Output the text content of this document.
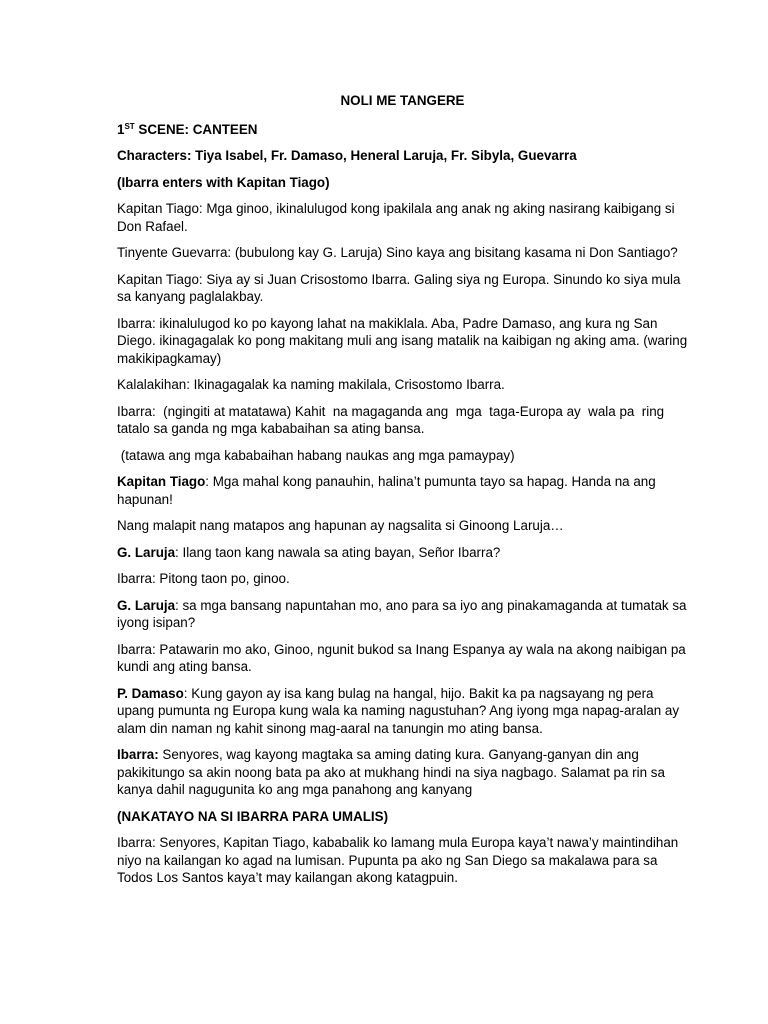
NOLI ME TANGERE

1ST SCENE: CANTEEN

Characters: Tiya Isabel, Fr. Damaso, Heneral Laruja, Fr. Sibyla, Guevarra

(Ibarra enters with Kapitan Tiago)

Kapitan Tiago: Mga ginoo, ikinalulugod kong ipakilala ang anak ng aking nasirang kaibigang si Don Rafael.

Tinyente Guevarra: (bubulong kay G. Laruja) Sino kaya ang bisitang kasama ni Don Santiago?

Kapitan Tiago: Siya ay si Juan Crisostomo Ibarra. Galing siya ng Europa. Sinundo ko siya mula sa kanyang paglalakbay.

Ibarra: ikinalulugod ko po kayong lahat na makiklala. Aba, Padre Damaso, ang kura ng San Diego. ikinagagalak ko pong makitang muli ang isang matalik na kaibigan ng aking ama. (waring makikipagkamay)

Kalalakihan: Ikinagagalak ka naming makilala, Crisostomo Ibarra.

Ibarra:  (ngingiti at matatawa) Kahit  na magaganda ang  mga  taga-Europa ay  wala pa  ring tatalo sa ganda ng mga kababaihan sa ating bansa.

(tatawa ang mga kababaihan habang naukas ang mga pamaypay)

Kapitan Tiago: Mga mahal kong panauhin, halina’t pumunta tayo sa hapag. Handa na ang hapunan!

Nang malapit nang matapos ang hapunan ay nagsalita si Ginoong Laruja…

G. Laruja: Ilang taon kang nawala sa ating bayan, Señor Ibarra?

Ibarra: Pitong taon po, ginoo.

G. Laruja: sa mga bansang napuntahan mo, ano para sa iyo ang pinakamaganda at tumatak sa iyong isipan?

Ibarra: Patawarin mo ako, Ginoo, ngunit bukod sa Inang Espanya ay wala na akong naibigan pa kundi ang ating bansa.

P. Damaso: Kung gayon ay isa kang bulag na hangal, hijo. Bakit ka pa nagsayang ng pera upang pumunta ng Europa kung wala ka naming nagustuhan? Ang iyong mga napag-aralan ay alam din naman ng kahit sinong mag-aaral na tanungin mo ating bansa.

Ibarra: Senyores, wag kayong magtaka sa aming dating kura. Ganyang-ganyan din ang pakikitungo sa akin noong bata pa ako at mukhang hindi na siya nagbago. Salamat pa rin sa kanya dahil nagugunita ko ang mga panahong ang kanyang

(NAKATAYO NA SI IBARRA PARA UMALIS)

Ibarra: Senyores, Kapitan Tiago, kababalik ko lamang mula Europa kaya’t nawa’y maintindihan niyo na kailangan ko agad na lumisan. Pupunta pa ako ng San Diego sa makalawa para sa Todos Los Santos kaya’t may kailangan akong katagpuin.
